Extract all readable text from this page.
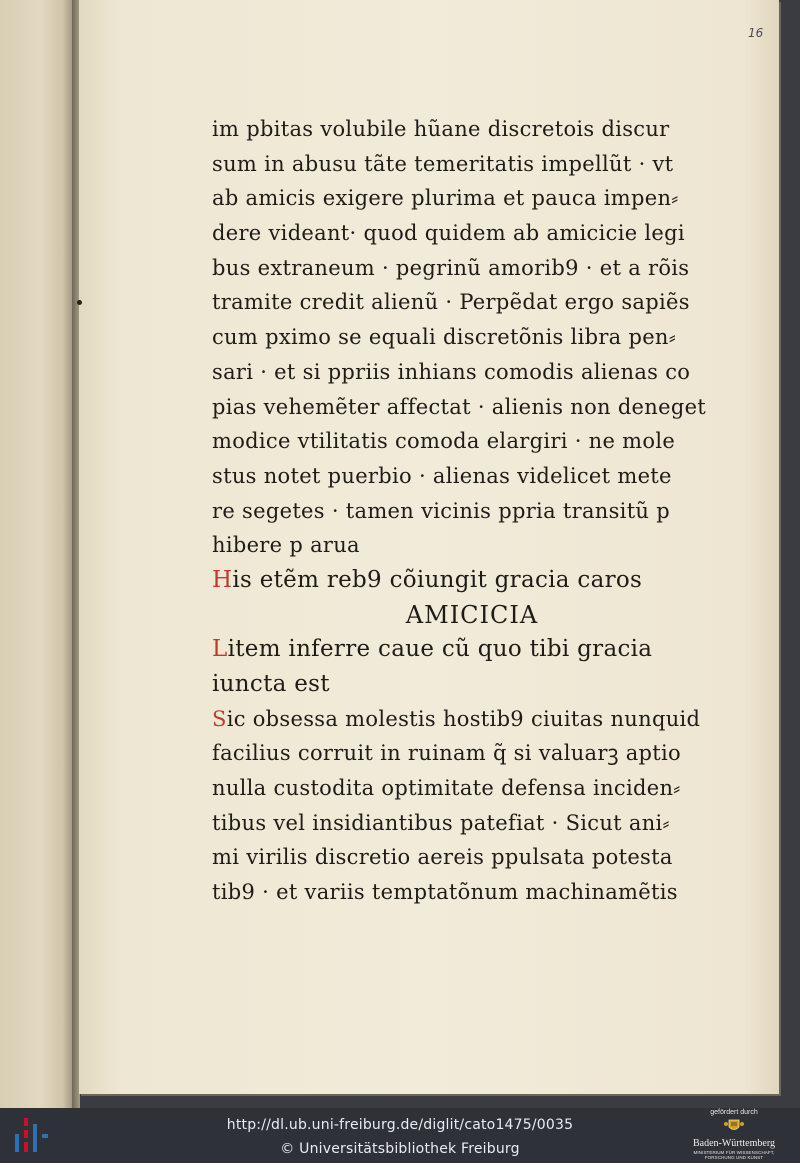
16
im pbitas volubile hũane discretois discur
sum in abusu tãte temeritatis impellũt · vt
ab amicis exigere plurima et pauca impen⸗
dere videant· quod quidem ab amicicie legi
bus extraneum · pegrinũ amorib9 · et a rõis
tramite credit alienũ · Perpẽdat ergo sapiẽs
cum pximo se equali discretõnis libra pen⸗
sari · et si ppriis inhians comodis alienas co
pias vehemẽter affectat · alienis non deneget
modice vtilitatis comoda elargiri · ne mole
stus notet puerbio · alienas videlicet mete
re segetes · tamen vicinis ppria transitũ p
hibere p arua
His etẽm reb9 cõiungit gracia caros
AMICICIA
Litem inferre caue cũ quo tibi gracia
iuncta est
Sic obsessa molestis hostib9 ciuitas nunquid
facilius corruit in ruinam q̃ si valuarꝫ aptio
nulla custodita optimitate defensa inciden⸗
tibus vel insidiantibus patefiat · Sicut ani⸗
mi virilis discretio aereis ppulsata potesta
tib9 · et variis temptatõnum machinamẽtis
http://dl.ub.uni-freiburg.de/diglit/cato1475/0035
© Universitätsbibliothek Freiburg
gefördert durch
Baden-Württemberg
MINISTERIUM FÜR WISSENSCHAFT, FORSCHUNG UND KUNST
